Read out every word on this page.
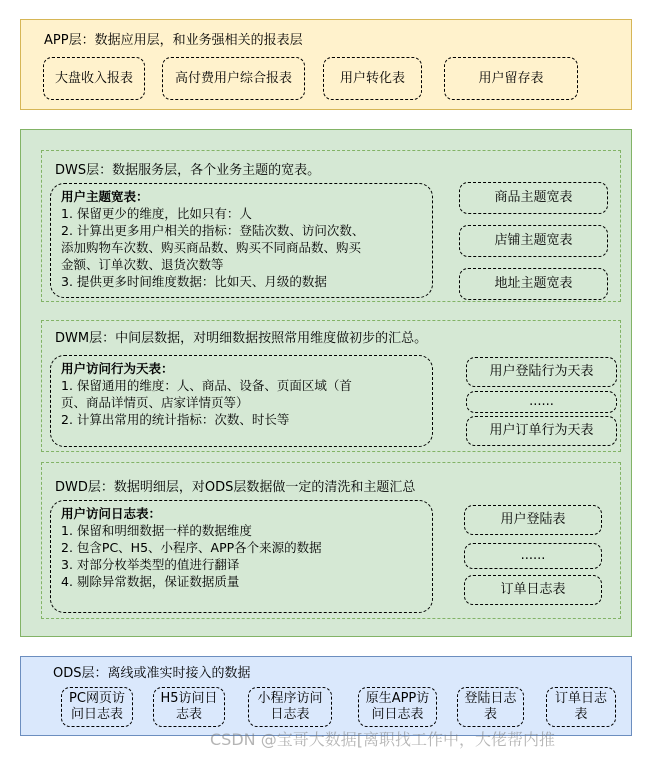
APP层：数据应用层，和业务强相关的报表层
大盘收入报表	高付费用户综合报表	用户转化表	用户留存表
DWS层：数据服务层，各个业务主题的宽表。
用户主题宽表：
1. 保留更少的维度，比如只有：人
2. 计算出更多用户相关的指标：登陆次数、访问次数、
添加购物车次数、购买商品数、购买不同商品数、购买
金额、订单次数、退货次数等
3. 提供更多时间维度数据：比如天、月级的数据
商品主题宽表
店铺主题宽表
地址主题宽表
DWM层：中间层数据，对明细数据按照常用维度做初步的汇总。
用户访问行为天表：
1. 保留通用的维度：人、商品、设备、页面区域（首
页、商品详情页、店家详情页等）
2. 计算出常用的统计指标：次数、时长等
用户登陆行为天表
......
用户订单行为天表
DWD层：数据明细层，对ODS层数据做一定的清洗和主题汇总
用户访问日志表：
1. 保留和明细数据一样的数据维度
2. 包含PC、H5、小程序、APP各个来源的数据
3. 对部分枚举类型的值进行翻译
4. 剔除异常数据，保证数据质量
用户登陆表
......
订单日志表
ODS层：离线或准实时接入的数据
PC网页访问日志表
H5访问日志表
小程序访问日志表
原生APP访问日志表
登陆日志表
订单日志表
CSDN @宝哥大数据[离职找工作中，大佬帮内推
